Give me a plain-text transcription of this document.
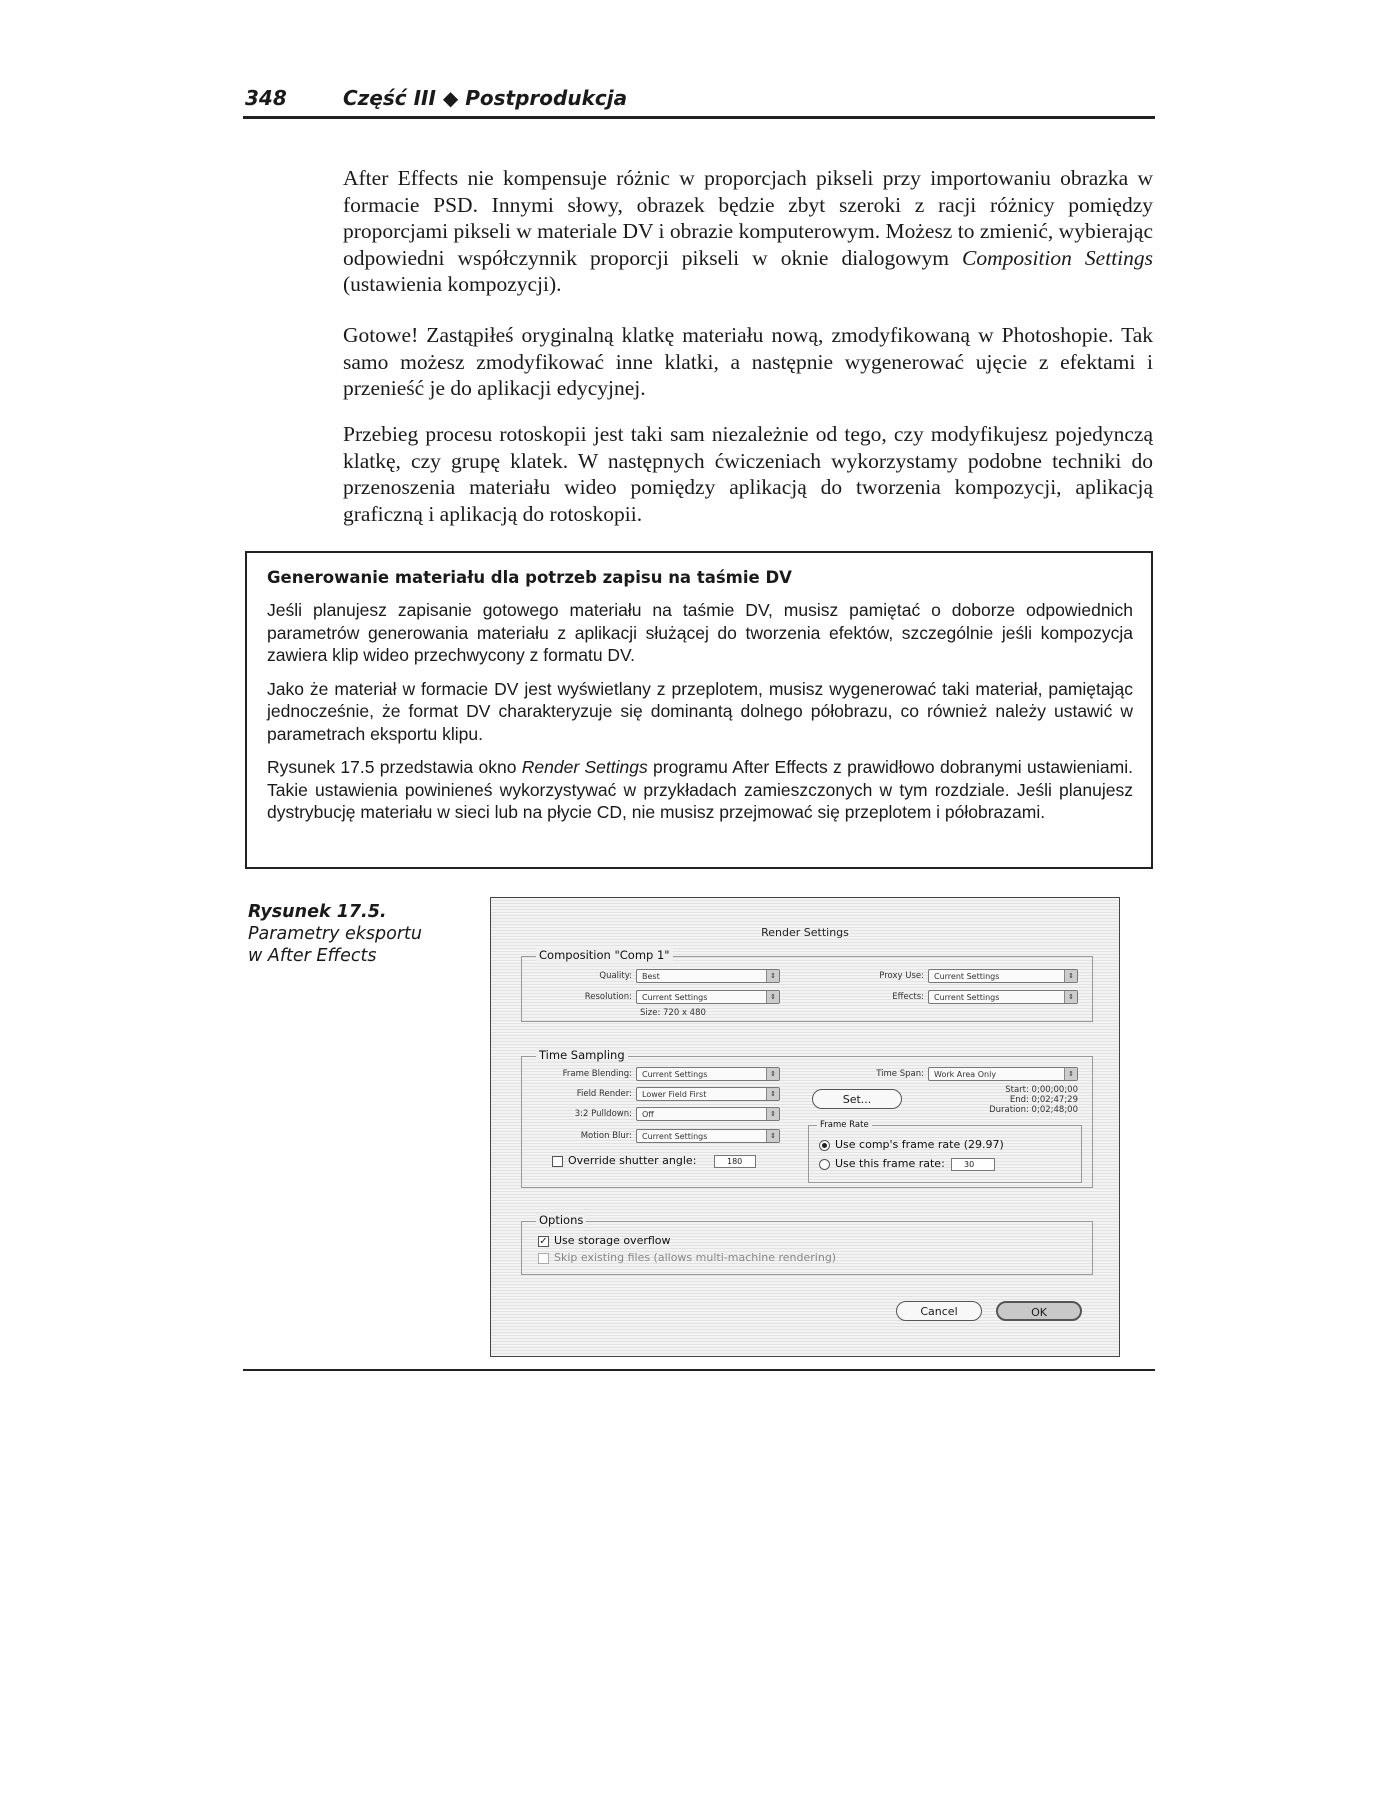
348	Część III ◆ Postprodukcja

After Effects nie kompensuje różnic w proporcjach pikseli przy importowaniu obrazka w formacie PSD. Innymi słowy, obrazek będzie zbyt szeroki z racji różnicy pomiędzy proporcjami pikseli w materiale DV i obrazie komputerowym. Możesz to zmienić, wybierając odpowiedni współczynnik proporcji pikseli w oknie dialogowym Composition Settings (ustawienia kompozycji).

Gotowe! Zastąpiłeś oryginalną klatkę materiału nową, zmodyfikowaną w Photoshopie. Tak samo możesz zmodyfikować inne klatki, a następnie wygenerować ujęcie z efektami i przenieść je do aplikacji edycyjnej.

Przebieg procesu rotoskopii jest taki sam niezależnie od tego, czy modyfikujesz pojedynczą klatkę, czy grupę klatek. W następnych ćwiczeniach wykorzystamy podobne techniki do przenoszenia materiału wideo pomiędzy aplikacją do tworzenia kompozycji, aplikacją graficzną i aplikacją do rotoskopii.

Generowanie materiału dla potrzeb zapisu na taśmie DV

Jeśli planujesz zapisanie gotowego materiału na taśmie DV, musisz pamiętać o doborze odpowiednich parametrów generowania materiału z aplikacji służącej do tworzenia efektów, szczególnie jeśli kompozycja zawiera klip wideo przechwycony z formatu DV.

Jako że materiał w formacie DV jest wyświetlany z przeplotem, musisz wygenerować taki materiał, pamiętając jednocześnie, że format DV charakteryzuje się dominantą dolnego półobrazu, co również należy ustawić w parametrach eksportu klipu.

Rysunek 17.5 przedstawia okno Render Settings programu After Effects z prawidłowo dobranymi ustawieniami. Takie ustawienia powinieneś wykorzystywać w przykładach zamieszczonych w tym rozdziale. Jeśli planujesz dystrybucję materiału w sieci lub na płycie CD, nie musisz przejmować się przeplotem i półobrazami.

Rysunek 17.5.
Parametry eksportu
w After Effects
Render Settings
Composition "Comp 1"
Quality:	Best	⇕
Resolution:	Current Settings	⇕
Size: 720 x 480
Proxy Use:	Current Settings	⇕
Effects:	Current Settings	⇕
Time Sampling
Frame Blending:	Current Settings	⇕
Field Render:	Lower Field First	⇕
3:2 Pulldown:	Off	⇕
Motion Blur:	Current Settings	⇕
Override shutter angle:	180
Time Span:	Work Area Only	⇕
Set...
Start: 0;00;00;00
End: 0;02;47;29
Duration: 0;02;48;00
Frame Rate
Use comp's frame rate (29.97)
Use this frame rate:	30
Options
✓ Use storage overflow
Skip existing files (allows multi-machine rendering)
Cancel	OK
